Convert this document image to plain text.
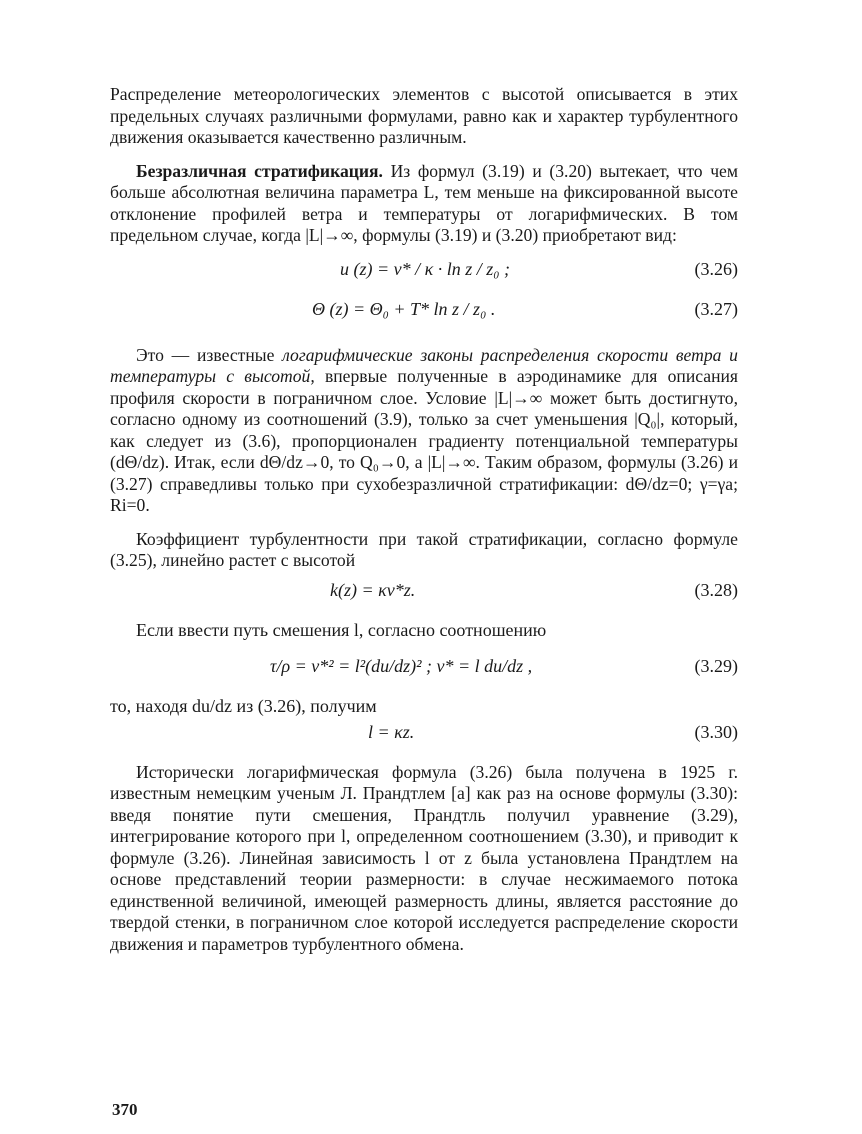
Распределение метеорологических элементов с высотой описывается в этих предельных случаях различными формулами, равно как и характер турбулентного движения оказывается качественно различным.

Безразличная стратификация. Из формул (3.19) и (3.20) вытекает, что чем больше абсолютная величина параметра L, тем меньше на фиксированной высоте отклонение профилей ветра и температуры от логарифмических. В том предельном случае, когда |L|→∞, формулы (3.19) и (3.20) приобретают вид:

u (z) = v* / κ · ln z / z₀ ;	(3.26)
Θ (z) = Θ₀ + T* ln z / z₀ .	(3.27)

Это — известные логарифмические законы распределения скорости ветра и температуры с высотой, впервые полученные в аэродинамике для описания профиля скорости в пограничном слое. Условие |L|→∞ может быть достигнуто, согласно одному из соотношений (3.9), только за счет уменьшения |Q₀|, который, как следует из (3.6), пропорционален градиенту потенциальной температуры (dΘ/dz). Итак, если dΘ/dz→0, то Q₀→0, а |L|→∞. Таким образом, формулы (3.26) и (3.27) справедливы только при сухобезразличной стратификации: dΘ/dz=0; γ=γa; Ri=0.

Коэффициент турбулентности при такой стратификации, согласно формуле (3.25), линейно растет с высотой

k(z) = κv*z.	(3.28)

Если ввести путь смешения l, согласно соотношению

τ/ρ = v*² = l²(du/dz)² ; v* = l du/dz ,	(3.29)

то, находя du/dz из (3.26), получим

l = κz.	(3.30)

Исторически логарифмическая формула (3.26) была получена в 1925 г. известным немецким ученым Л. Прандтлем [a] как раз на основе формулы (3.30): введя понятие пути смешения, Прандтль получил уравнение (3.29), интегрирование которого при l, определенном соотношением (3.30), и приводит к формуле (3.26). Линейная зависимость l от z была установлена Прандтлем на основе представлений теории размерности: в случае несжимаемого потока единственной величиной, имеющей размерность длины, является расстояние до твердой стенки, в пограничном слое которой исследуется распределение скорости движения и параметров турбулентного обмена.

370
